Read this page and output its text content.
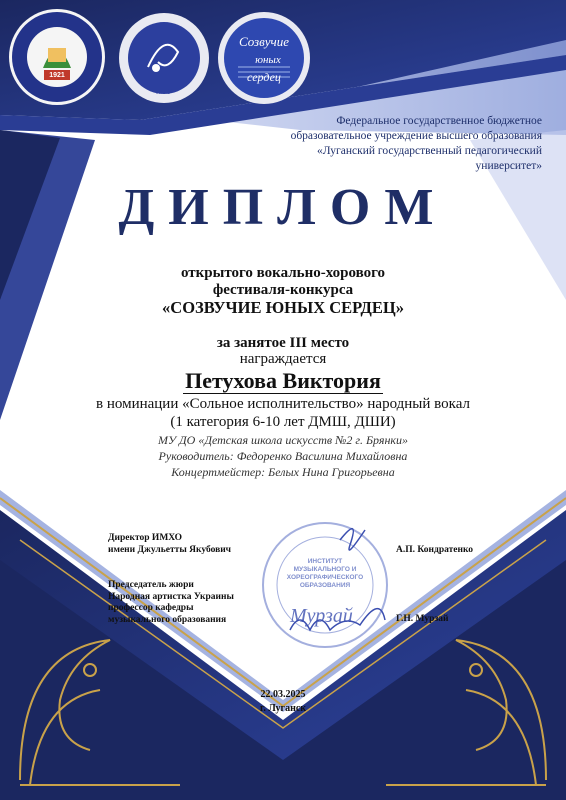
1921
ЛГПУ
Созвучие
юных
сердец
Федеральное государственное бюджетное
образовательное учреждение высшего образования
«Луганский государственный педагогический университет»
ДИПЛОМ
открытого вокально-хорового
фестиваля-конкурса
«СОЗВУЧИЕ ЮНЫХ СЕРДЕЦ»
за занятое III место
награждается
Петухова Виктория
в номинации «Сольное исполнительство» народный вокал
(1 категория 6-10 лет ДМШ, ДШИ)
МУ ДО «Детская школа искусств №2 г. Брянки»
Руководитель: Федоренко Василина Михайловна
Концертмейстер: Белых Нина Григорьевна
Директор ИМХО
имени Джульетты Якубович	А.П. Кондратенко
Председатель жюри
Народная артистка Украины
профессор кафедры
музыкального образования	Г.Н. Мурзай
ИНСТИТУТ МУЗЫКАЛЬНОГО И ХОРЕОГРАФИЧЕСКОГО ОБРАЗОВАНИЯ
Мурзай
22.03.2025
г. Луганск
